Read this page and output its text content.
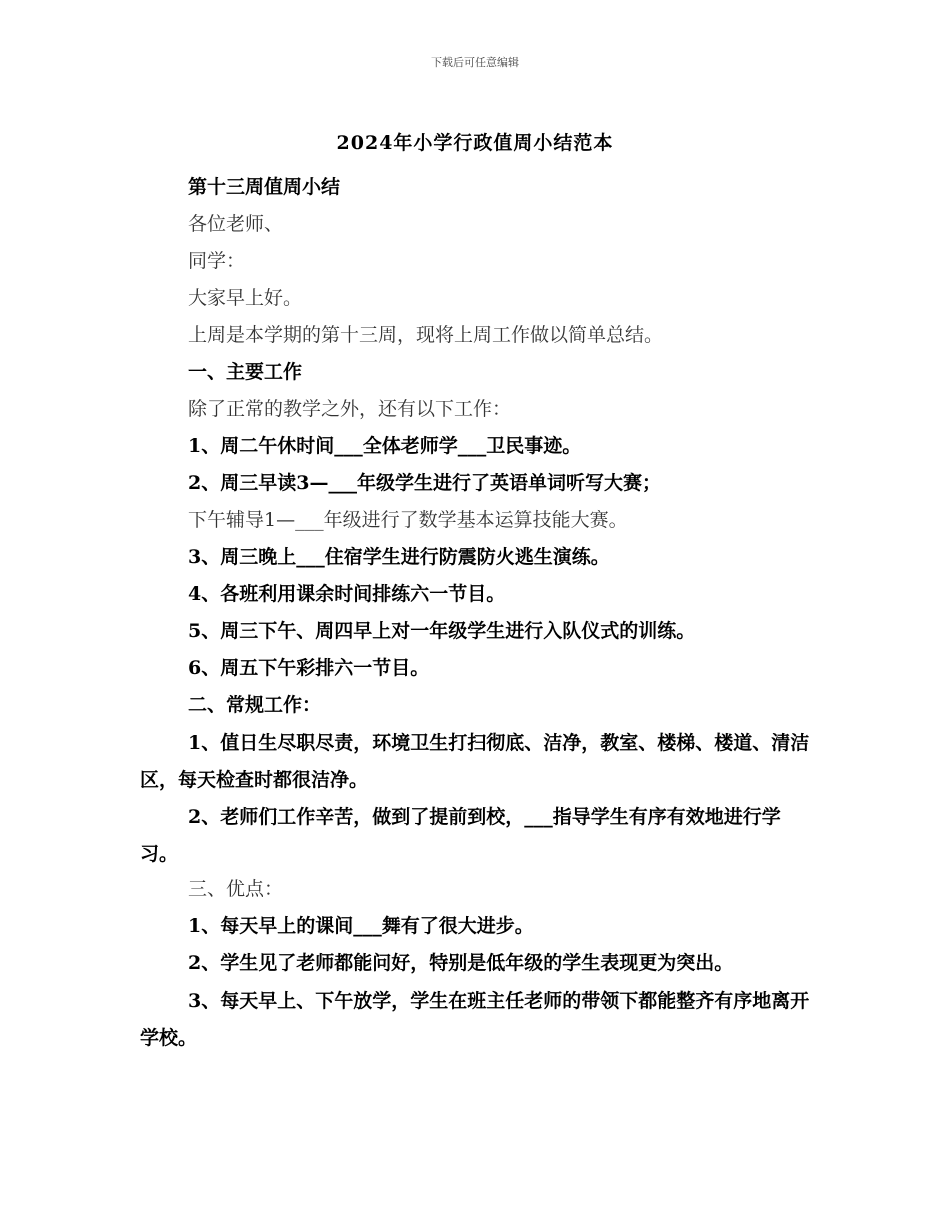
下载后可任意编辑
2024年小学行政值周小结范本
第十三周值周小结
各位老师、
同学：
大家早上好。
上周是本学期的第十三周，现将上周工作做以简单总结。
一、主要工作
除了正常的教学之外，还有以下工作：
1、周二午休时间___全体老师学___卫民事迹。
2、周三早读3—___年级学生进行了英语单词听写大赛；
下午辅导1—___年级进行了数学基本运算技能大赛。
3、周三晚上___住宿学生进行防震防火逃生演练。
4、各班利用课余时间排练六一节目。
5、周三下午、周四早上对一年级学生进行入队仪式的训练。
6、周五下午彩排六一节目。
二、常规工作：

1、值日生尽职尽责，环境卫生打扫彻底、洁净，教室、楼梯、楼道、清洁区，每天检查时都很洁净。

2、老师们工作辛苦，做到了提前到校，___指导学生有序有效地进行学习。

三、优点：
1、每天早上的课间___舞有了很大进步。
2、学生见了老师都能问好，特别是低年级的学生表现更为突出。

3、每天早上、下午放学，学生在班主任老师的带领下都能整齐有序地离开学校。
